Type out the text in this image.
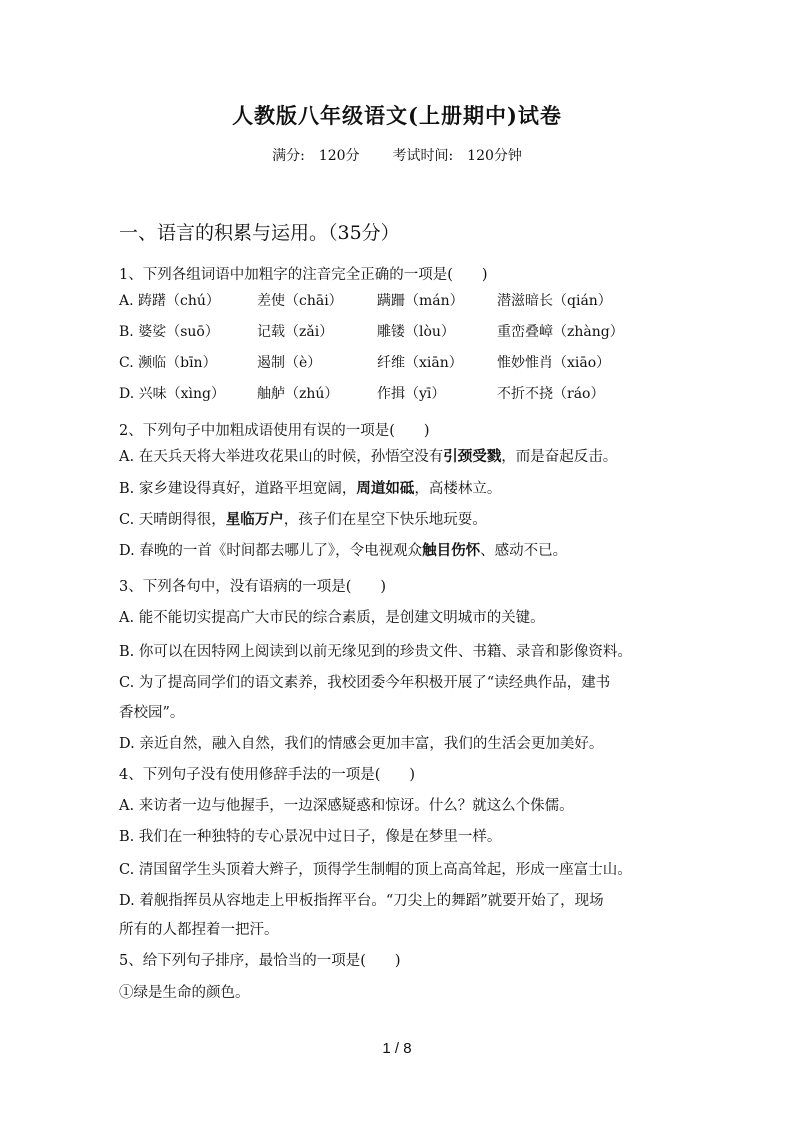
人教版八年级语文(上册期中)试卷
满分:　120分 考试时间:　120分钟
一、语言的积累与运用。（35分）
1、下列各组词语中加粗字的注音完全正确的一项是(　　)
A. 踌躇（chú）	差使（chāi） 蹒跚（mán） 潜滋暗长（qián）
B. 婆娑（suō）	记载（zǎi）	雕镂（lòu）	重峦叠嶂（zhàng）
C. 濒临（bīn）	遏制（è）	纤维（xiān） 惟妙惟肖（xiāo）
D. 兴味（xìng） 舳舻（zhú）	作揖（yī）	不折不挠（ráo）
2、下列句子中加粗成语使用有误的一项是(　　)
A. 在天兵天将大举进攻花果山的时候，孙悟空没有引颈受戮，而是奋起反击。
B. 家乡建设得真好，道路平坦宽阔，周道如砥，高楼林立。
C. 天晴朗得很，星临万户，孩子们在星空下快乐地玩耍。
D. 春晚的一首《时间都去哪儿了》，令电视观众触目伤怀、感动不已。
3、下列各句中，没有语病的一项是(　　)
A. 能不能切实提高广大市民的综合素质，是创建文明城市的关键。
B. 你可以在因特网上阅读到以前无缘见到的珍贵文件、书籍、录音和影像资料。
C. 为了提高同学们的语文素养，我校团委今年积极开展了“读经典作品，建书
香校园”。
D. 亲近自然，融入自然，我们的情感会更加丰富，我们的生活会更加美好。
4、下列句子没有使用修辞手法的一项是(　　)
A. 来访者一边与他握手，一边深感疑惑和惊讶。什么？就这么个侏儒。
B. 我们在一种独特的专心景况中过日子，像是在梦里一样。
C. 清国留学生头顶着大辫子，顶得学生制帽的顶上高高耸起，形成一座富士山。
D. 着舰指挥员从容地走上甲板指挥平台。“刀尖上的舞蹈”就要开始了，现场
所有的人都捏着一把汗。
5、给下列句子排序，最恰当的一项是(　　)
①绿是生命的颜色。
1 / 8
